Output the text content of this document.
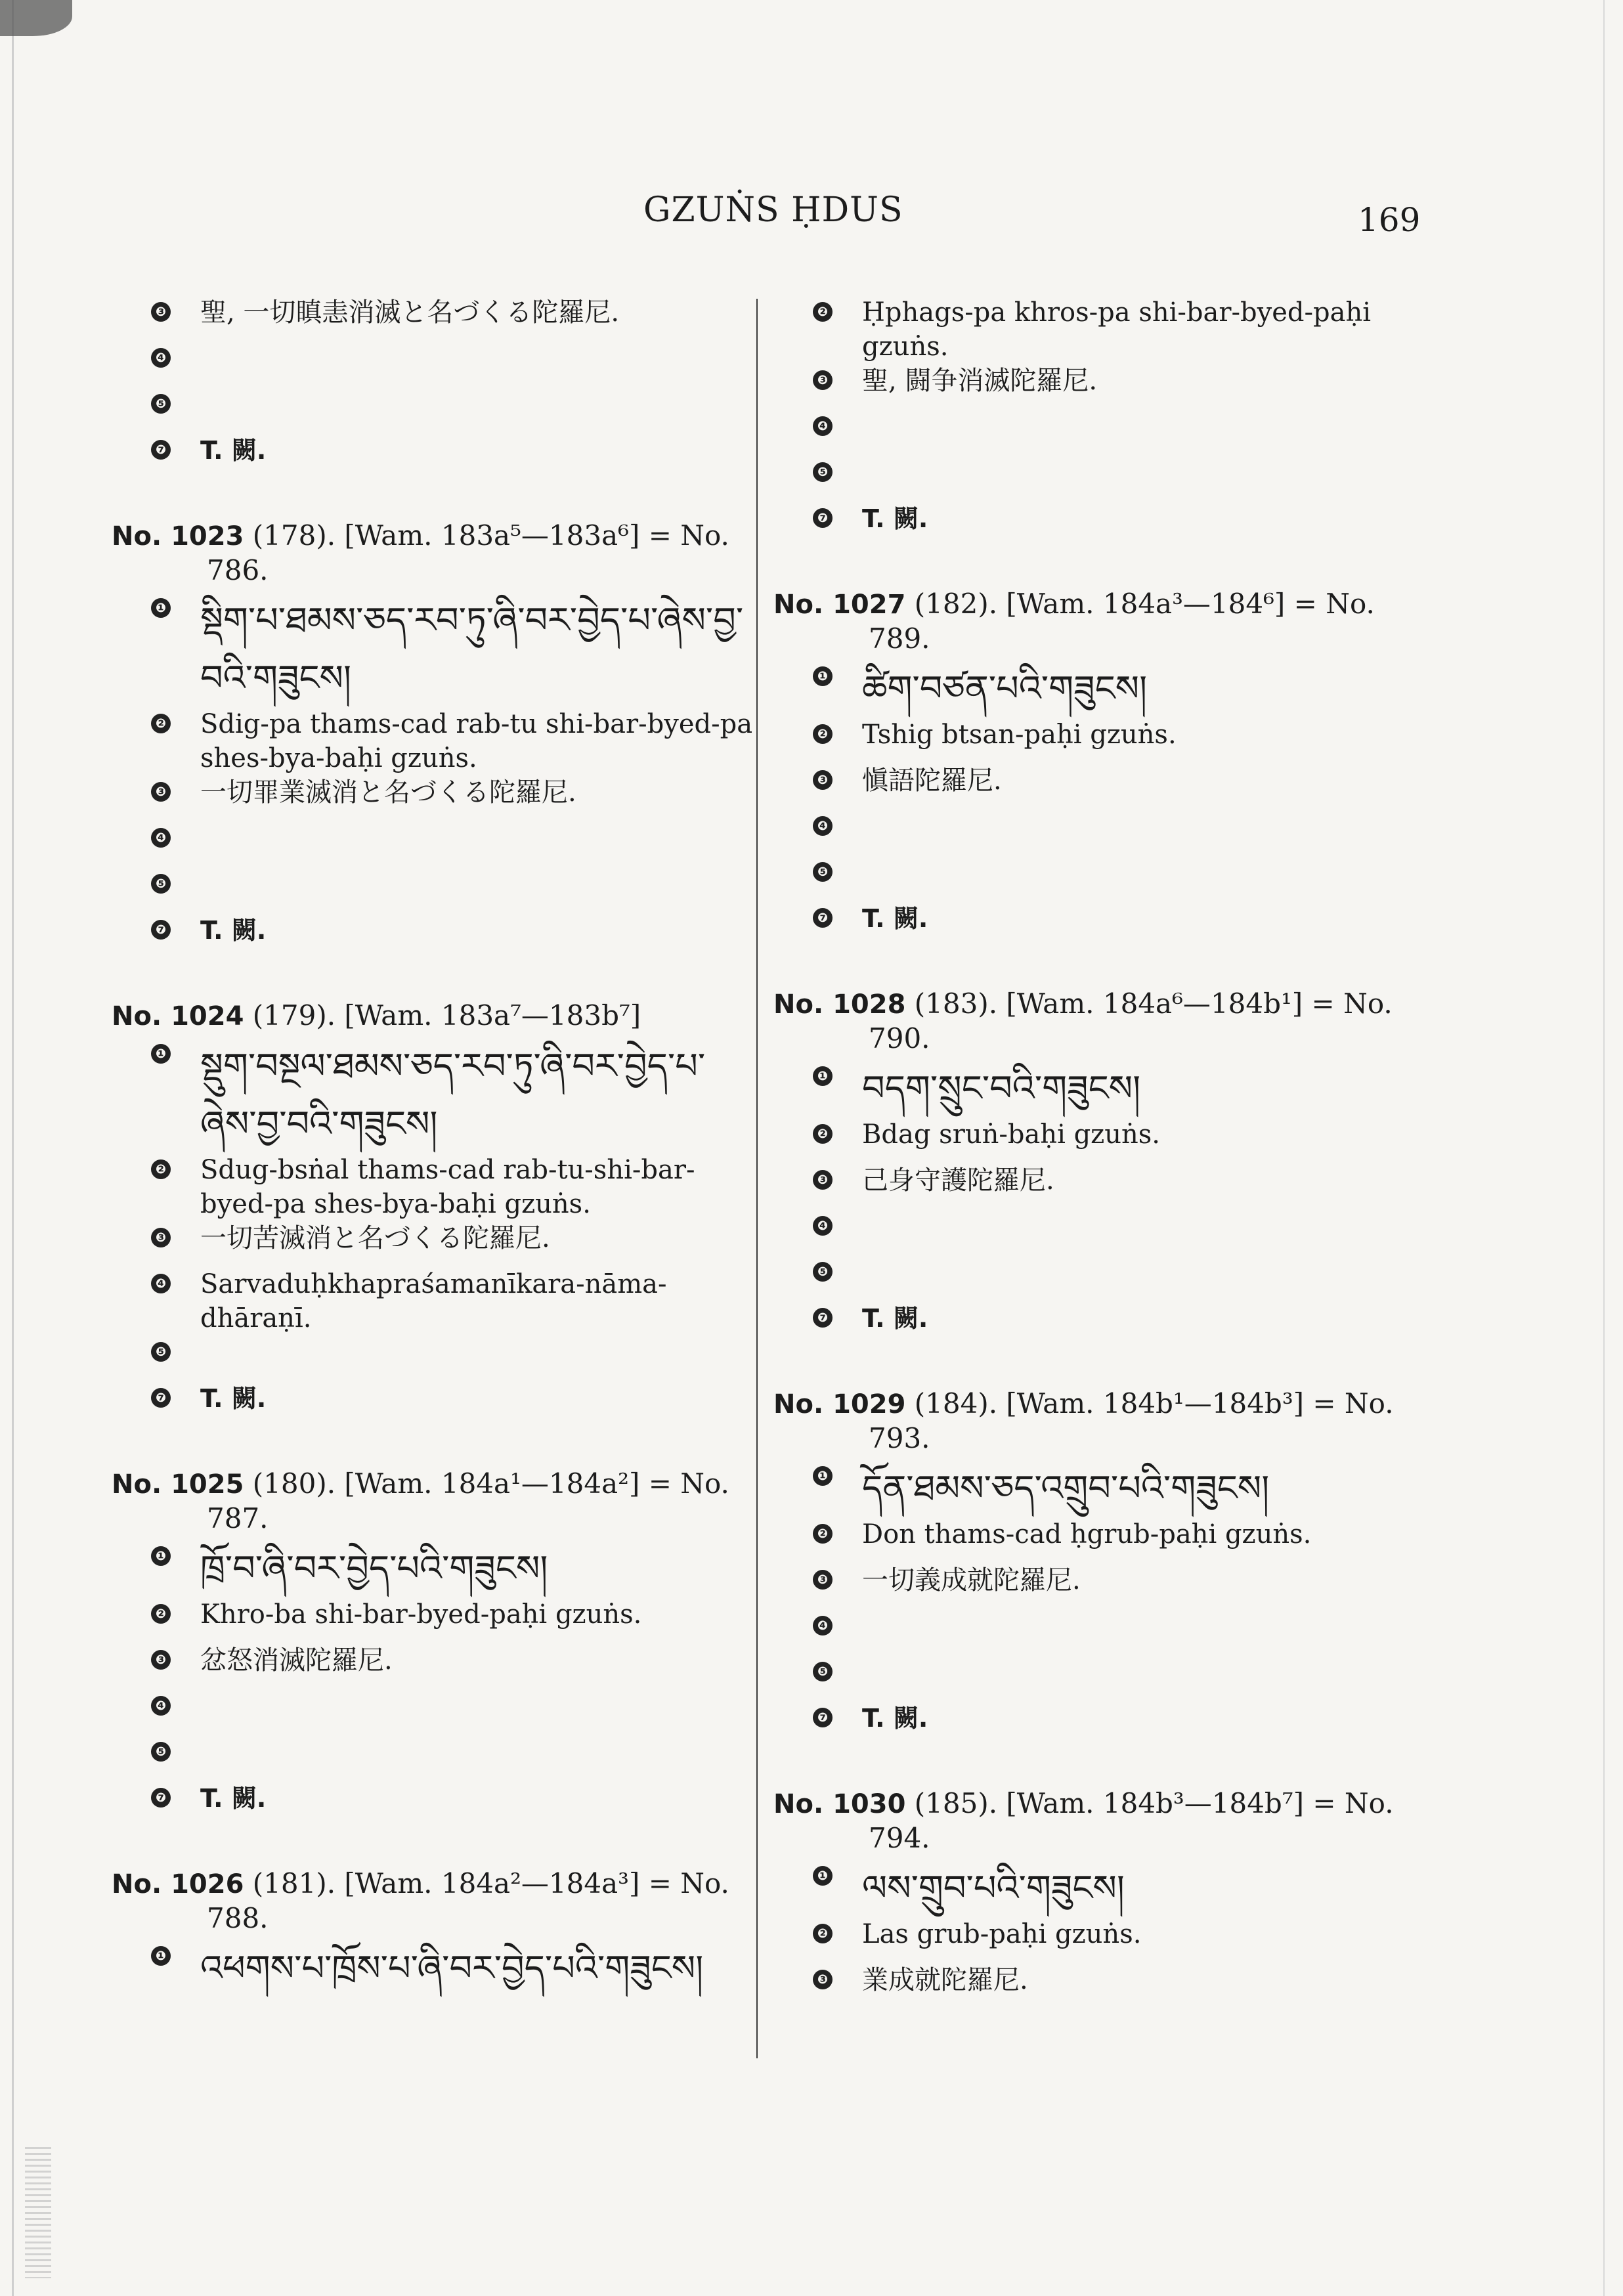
GZUṄS ḤDUS	169
❸ 聖, 一切瞋恚消滅と名づくる陀羅尼.
❹
❺
❼ T. 闕.
No. 1023 (178). [Wam. 183a⁵—183a⁶] = No.
786.
❶ སྡིག་པ་ཐམས་ཅད་རབ་ཏུ་ཞི་བར་བྱེད་པ་ཞེས་བྱ་བའི་གཟུངས།
❷ Sdig-pa thams-cad rab-tu shi-bar-byed-pa shes-bya-baḥi gzuṅs.
❸ 一切罪業滅消と名づくる陀羅尼.
❹
❺
❼ T. 闕.
No. 1024 (179). [Wam. 183a⁷—183b⁷]
❶ སྡུག་བསྔལ་ཐམས་ཅད་རབ་ཏུ་ཞི་བར་བྱེད་པ་ཞེས་བྱ་བའི་གཟུངས།
❷ Sdug-bsṅal thams-cad rab-tu-shi-bar-byed-pa shes-bya-baḥi gzuṅs.
❸ 一切苦滅消と名づくる陀羅尼.
❹ Sarvaduḥkhapraśamanīkara-nāma-dhāraṇī.
❺
❼ T. 闕.
No. 1025 (180). [Wam. 184a¹—184a²] = No.
787.
❶ ཁྲོ་བ་ཞི་བར་བྱེད་པའི་གཟུངས།
❷ Khro-ba shi-bar-byed-paḥi gzuṅs.
❸ 忿怒消滅陀羅尼.
❹
❺
❼ T. 闕.
No. 1026 (181). [Wam. 184a²—184a³] = No.
788.
❶ འཕགས་པ་ཁྲོས་པ་ཞི་བར་བྱེད་པའི་གཟུངས།
❷ Ḥphags-pa khros-pa shi-bar-byed-paḥi gzuṅs.
❸ 聖, 闘争消滅陀羅尼.
❹
❺
❼ T. 闕.
No. 1027 (182). [Wam. 184a³—184⁶] = No.
789.
❶ ཚིག་བཙན་པའི་གཟུངས།
❷ Tshig btsan-paḥi gzuṅs.
❸ 愼語陀羅尼.
❹
❺
❼ T. 闕.
No. 1028 (183). [Wam. 184a⁶—184b¹] = No.
790.
❶ བདག་སྲུང་བའི་གཟུངས།
❷ Bdag sruṅ-baḥi gzuṅs.
❸ 己身守護陀羅尼.
❹
❺
❼ T. 闕.
No. 1029 (184). [Wam. 184b¹—184b³] = No.
793.
❶ དོན་ཐམས་ཅད་འགྲུབ་པའི་གཟུངས།
❷ Don thams-cad ḥgrub-paḥi gzuṅs.
❸ 一切義成就陀羅尼.
❹
❺
❼ T. 闕.
No. 1030 (185). [Wam. 184b³—184b⁷] = No.
794.
❶ ལས་གྲུབ་པའི་གཟུངས།
❷ Las grub-paḥi gzuṅs.
❸ 業成就陀羅尼.
